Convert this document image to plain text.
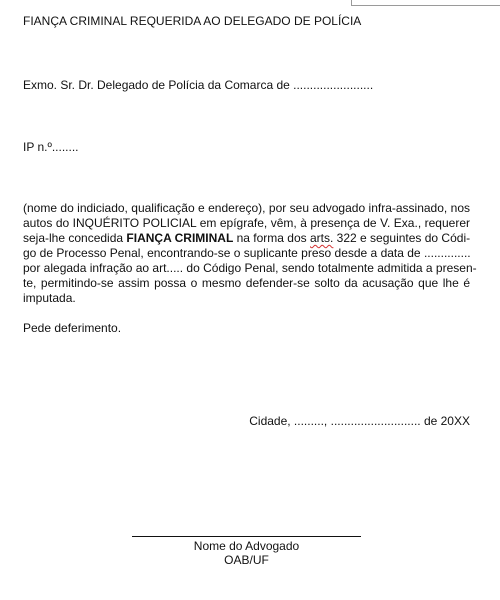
FIANÇA CRIMINAL REQUERIDA AO DELEGADO DE POLÍCIA
Exmo. Sr. Dr. Delegado de Polícia da Comarca de ........................
IP n.º........
(nome do indiciado, qualificação e endereço), por seu advogado infra-assinado, nos
autos do INQUÉRITO POLICIAL em epígrafe, vêm, à presença de V. Exa., requerer
seja-lhe concedida FIANÇA CRIMINAL na forma dos arts. 322 e seguintes do Códi-
go de Processo Penal, encontrando-se o suplicante preso desde a data de ..............
por alegada infração ao art..... do Código Penal, sendo totalmente admitida a presen-
te, permitindo-se assim possa o mesmo defender-se solto da acusação que lhe é
imputada.
Pede deferimento.
Cidade, ........., ........................... de 20XX
Nome do Advogado
OAB/UF
